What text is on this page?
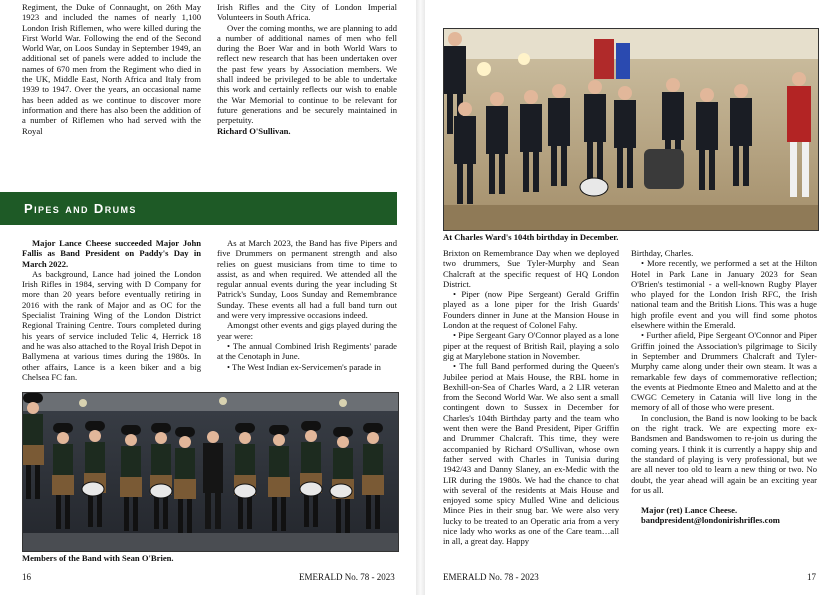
Regiment, the Duke of Connaught, on 26th May 1923 and included the names of nearly 1,100 London Irish Riflemen, who were killed during the First World War. Following the end of the Second World War, on Loos Sunday in September 1949, an additional set of panels were added to include the names of 670 men from the Regiment who died in the UK, Middle East, North Africa and Italy from 1939 to 1947. Over the years, an occasional name has been added as we continue to discover more information and there has also been the addition of a number of Riflemen who had served with the Royal

Irish Rifles and the City of London Imperial Volunteers in South Africa.

Over the coming months, we are planning to add a number of additional names of men who fell during the Boer War and in both World Wars to reflect new research that has been undertaken over the past few years by Association members. We shall indeed be privileged to be able to undertake this work and certainly reflects our wish to enable the War Memorial to continue to be relevant for future generations and be securely maintained in perpetuity.

Richard O'Sullivan.

Pipes and Drums

Major Lance Cheese succeeded Major John Fallis as Band President on Paddy's Day in March 2022.

As background, Lance had joined the London Irish Rifles in 1984, serving with D Company for more than 20 years before eventually retiring in 2016 with the rank of Major and as OC for the Specialist Training Wing of the London District Regional Training Centre. Tours completed during his years of service included Telic 4, Herrick 18 and he was also attached to the Royal Irish Depot in Ballymena at various times during the 1980s. In other affairs, Lance is a keen biker and a big Chelsea FC fan.

As at March 2023, the Band has five Pipers and five Drummers on permanent strength and also relies on guest musicians from time to time to assist, as and when required. We attended all the regular annual events during the year including St Patrick's Sunday, Loos Sunday and Remembrance Sunday. These events all had a full band turn out and were very impressive occasions indeed.

Amongst other events and gigs played during the year were:

• The annual Combined Irish Regiments' parade at the Cenotaph in June.

• The West Indian ex-Servicemen's parade in

Members of the Band with Sean O'Brien.
16	EMERALD No. 78 - 2023
At Charles Ward's 104th birthday in December.

Brixton on Remembrance Day when we deployed two drummers, Sue Tyler-Murphy and Sean Chalcraft at the specific request of HQ London District.

• Piper (now Pipe Sergeant) Gerald Griffin played as a lone piper for the Irish Guards' Founders dinner in June at the Mansion House in London at the request of Colonel Fahy.

• Pipe Sergeant Gary O'Connor played as a lone piper at the request of British Rail, playing a solo gig at Marylebone station in November.

• The full Band performed during the Queen's Jubilee period at Mais House, the RBL home in Bexhill-on-Sea of Charles Ward, a 2 LIR veteran from the Second World War. We also sent a small contingent down to Sussex in December for Charles's 104th Birthday party and the team who went then were the Band President, Piper Griffin and Drummer Chalcraft. This time, they were accompanied by Richard O'Sullivan, whose own father served with Charles in Tunisia during 1942/43 and Danny Slaney, an ex-Medic with the LIR during the 1980s. We had the chance to chat with several of the residents at Mais House and enjoyed some spicy Mulled Wine and delicious Mince Pies in their snug bar. We were also very lucky to be treated to an Operatic aria from a very nice lady who works as one of the Care team…all in all, a great day. Happy

Birthday, Charles.

• More recently, we performed a set at the Hilton Hotel in Park Lane in January 2023 for Sean O'Brien's testimonial - a well-known Rugby Player who played for the London Irish RFC, the Irish national team and the British Lions. This was a huge high profile event and you will find some photos elsewhere within the Emerald.

• Further afield, Pipe Sergeant O'Connor and Piper Griffin joined the Association's pilgrimage to Sicily in September and Drummers Chalcraft and Tyler-Murphy came along under their own steam. It was a remarkable few days of commemorative reflection; the events at Piedmonte Etneo and Maletto and at the CWGC Cemetery in Catania will live long in the memory of all of those who were present.

In conclusion, the Band is now looking to be back on the right track. We are expecting more ex-Bandsmen and Bandswomen to re-join us during the coming years. I think it is currently a happy ship and the standard of playing is very professional, but we are all never too old to learn a new thing or two. No doubt, the year ahead will again be an exciting year for us all.

Major (ret) Lance Cheese.

bandpresident@londonirishrifles.com

EMERALD No. 78 - 2023	17
